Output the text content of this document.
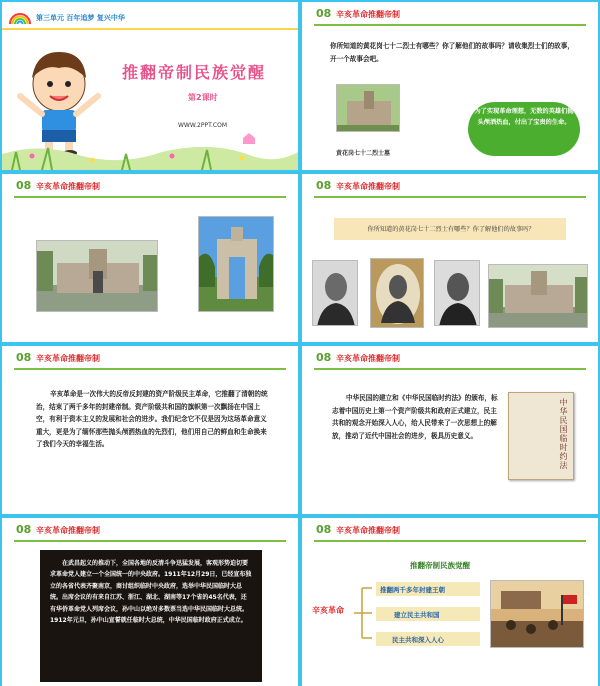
第三单元 百年追梦 复兴中华
推翻帝制民族觉醒
第2课时
WWW.2PPT.COM
08 辛亥革命推翻帝制
你所知道的黄花岗七十二烈士有哪些？你了解他们的故事吗？请收集烈士们的故事，开一个故事会吧。
黄花岗七十二烈士墓
为了实现革命理想，无数的英雄们抛头颅洒热血，付出了宝贵的生命。
08 辛亥革命推翻帝制	08 辛亥革命推翻帝制
你所知道的黄花岗七十二烈士有哪些？你了解他们的故事吗？
08 辛亥革命推翻帝制
辛亥革命是一次伟大的反帝反封建的资产阶级民主革命，它推翻了清朝的统治，结束了两千多年的封建帝制。资产阶级共和国的旗帜第一次飘扬在中国上空，有利于资本主义的发展和社会的进步。我们纪念它不仅是因为这场革命意义重大，更是为了缅怀那些抛头颅洒热血的先烈们，他们用自己的鲜血和生命换来了我们今天的幸福生活。
08 辛亥革命推翻帝制
中华民国的建立和《中华民国临时约法》的颁布，标志着中国历史上第一个资产阶级共和政府正式建立，民主共和的观念开始深入人心，给人民带来了一次思想上的解放，推动了近代中国社会的进步，极具历史意义。	中华民国临时约法
08 辛亥革命推翻帝制
在武昌起义的推动下，全国各地的反清斗争迅猛发展，客观形势迫切要求革命党人建立一个全国统一的中央政府。1911年12月29日，已经宣布独立的各省代表齐聚南京，商讨组织临时中央政府，选举中华民国临时大总统。出席会议的有来自江苏、浙江、湖北、湖南等17个省的45名代表，还有华侨革命党人列席会议，孙中山以绝对多数票当选中华民国临时大总统。1912年元旦，孙中山宣誓就任临时大总统，中华民国临时政府正式成立。
08 辛亥革命推翻帝制
推翻帝制民族觉醒
辛亥革命
推翻两千多年封建王朝
建立民主共和国
民主共和深入人心
